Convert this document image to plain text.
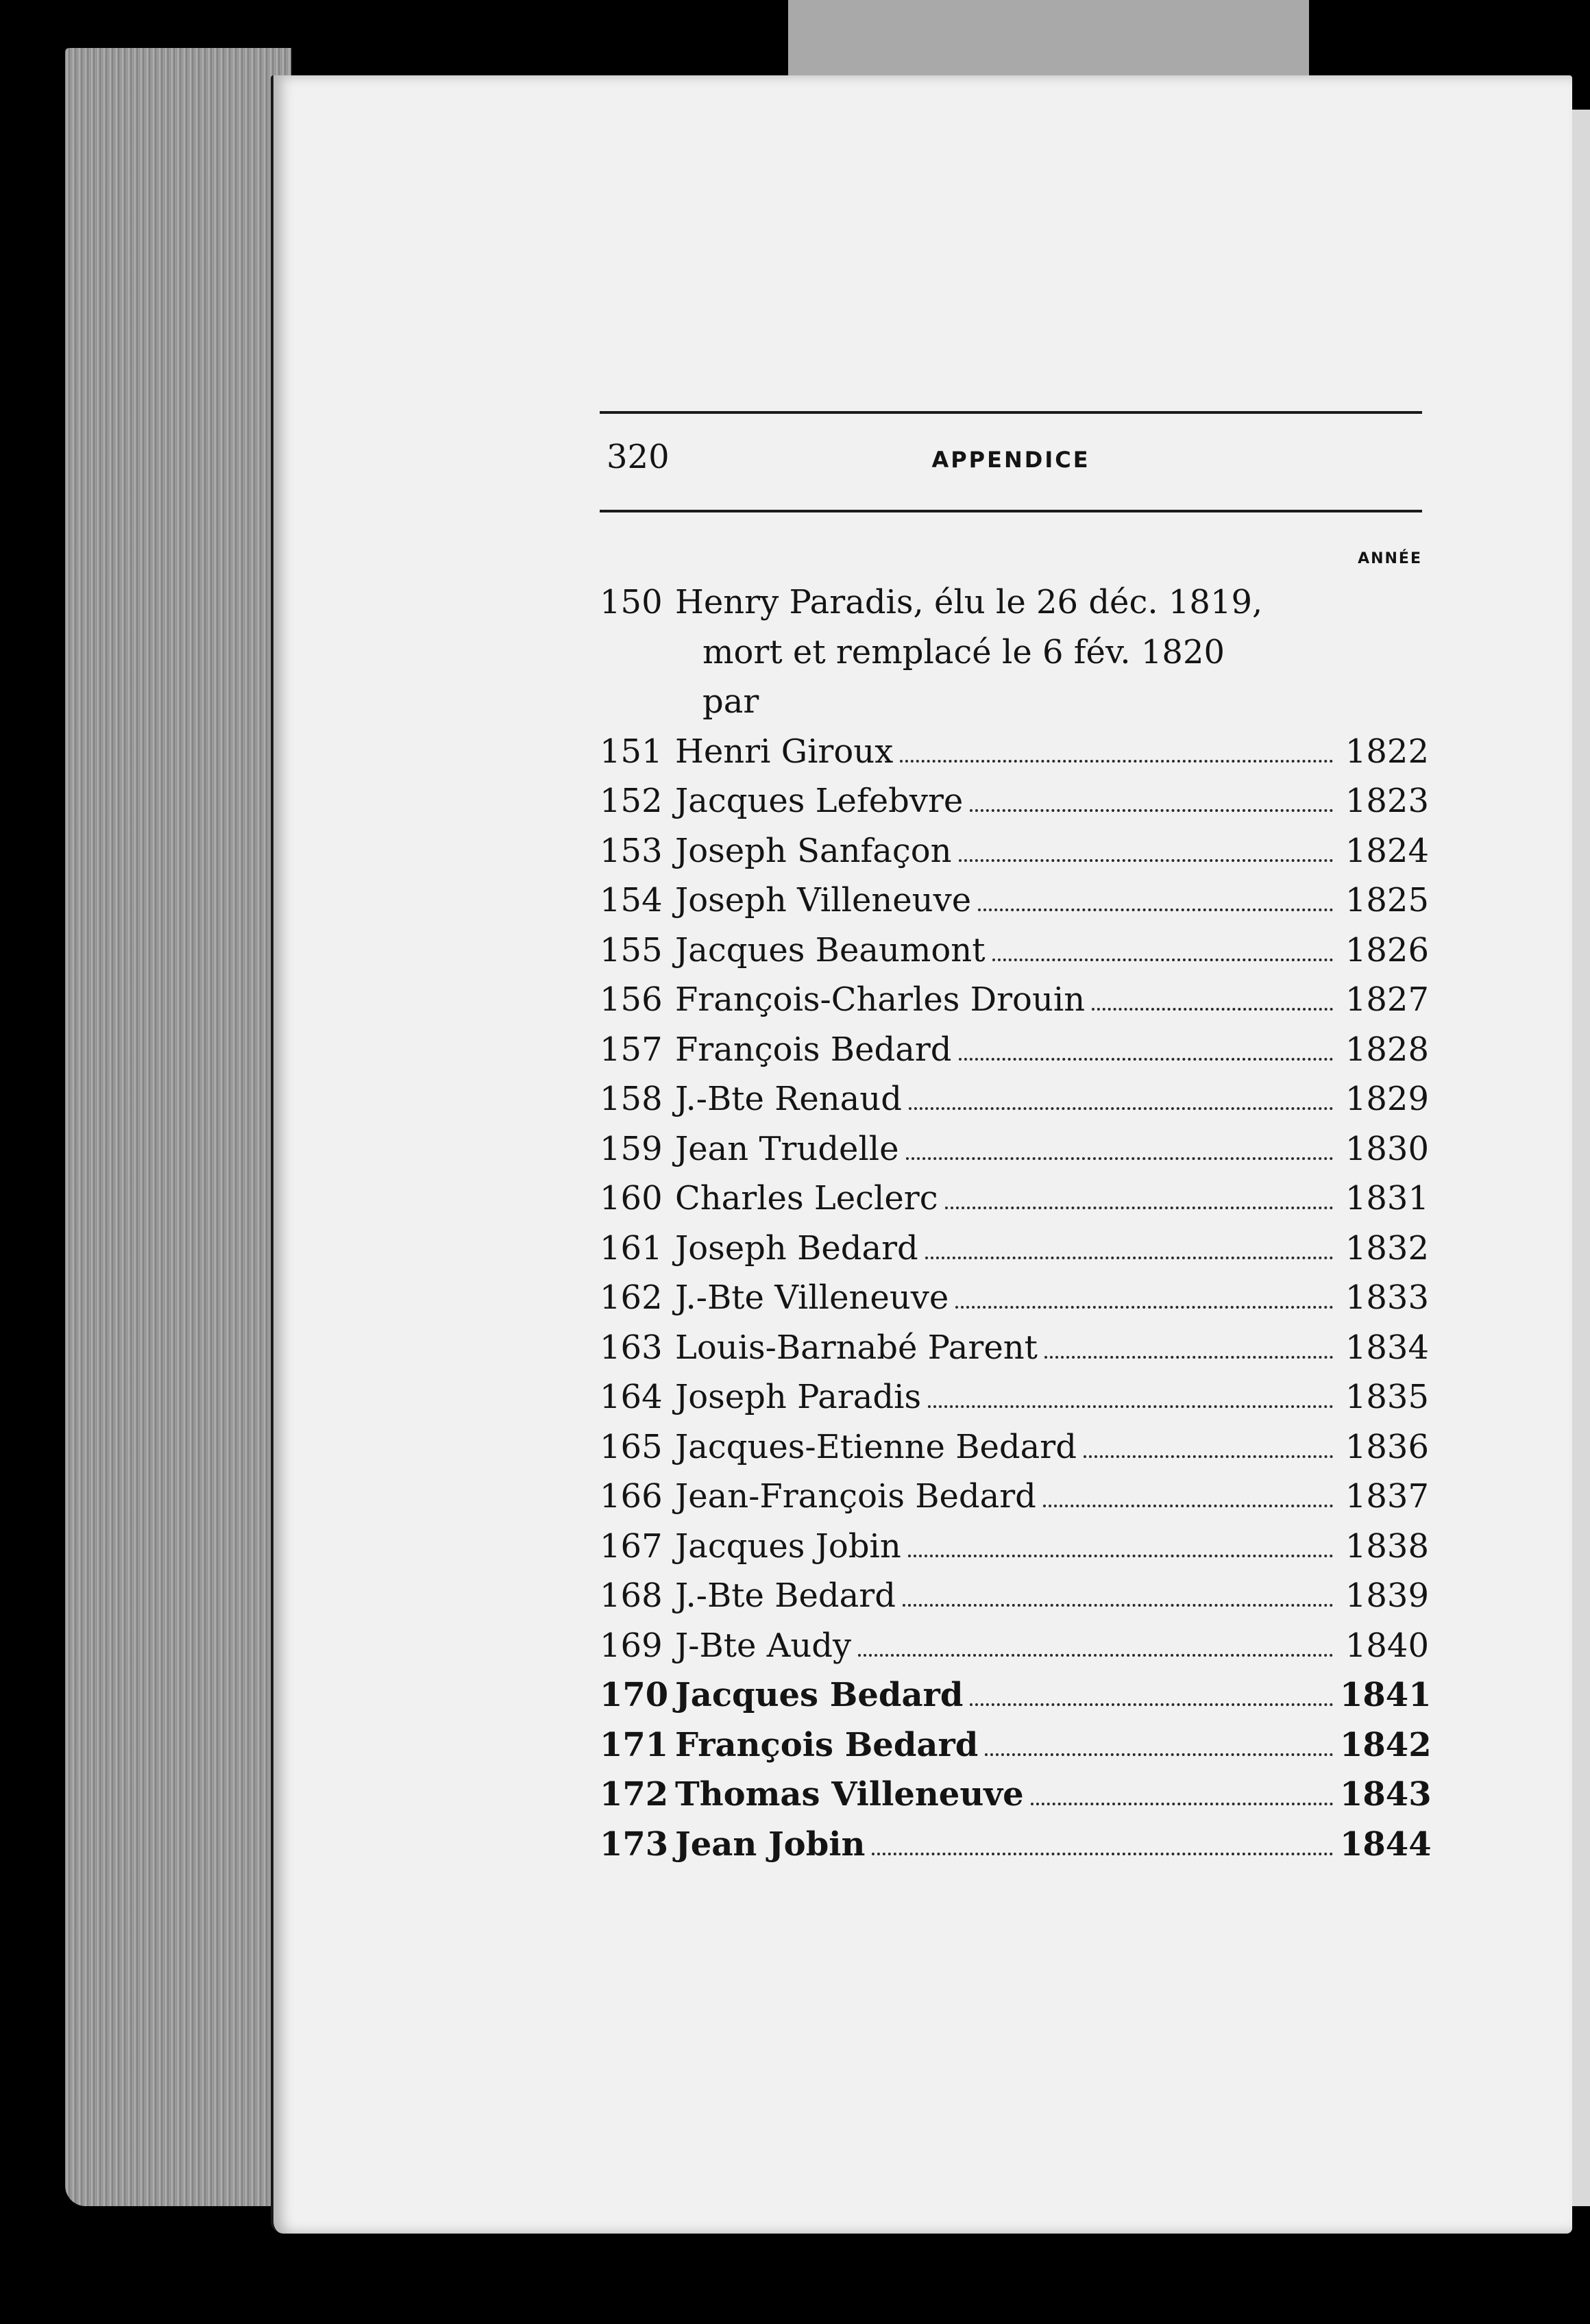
320	APPENDICE
ANNÉE
150 Henry Paradis, élu le 26 déc. 1819,
mort et remplacé le 6 fév. 1820
par
151 Henri Giroux	1822
152 Jacques Lefebvre	1823
153 Joseph Sanfaçon	1824
154 Joseph Villeneuve	1825
155 Jacques Beaumont	1826
156 François-Charles Drouin	1827
157 François Bedard	1828
158 J.-Bte Renaud	1829
159 Jean Trudelle	1830
160 Charles Leclerc	1831
161 Joseph Bedard	1832
162 J.-Bte Villeneuve	1833
163 Louis-Barnabé Parent	1834
164 Joseph Paradis	1835
165 Jacques-Etienne Bedard	1836
166 Jean-François Bedard	1837
167 Jacques Jobin	1838
168 J.-Bte Bedard	1839
169 J-Bte Audy	1840
170 Jacques Bedard	1841
171 François Bedard	1842
172 Thomas Villeneuve	1843
173 Jean Jobin	1844
